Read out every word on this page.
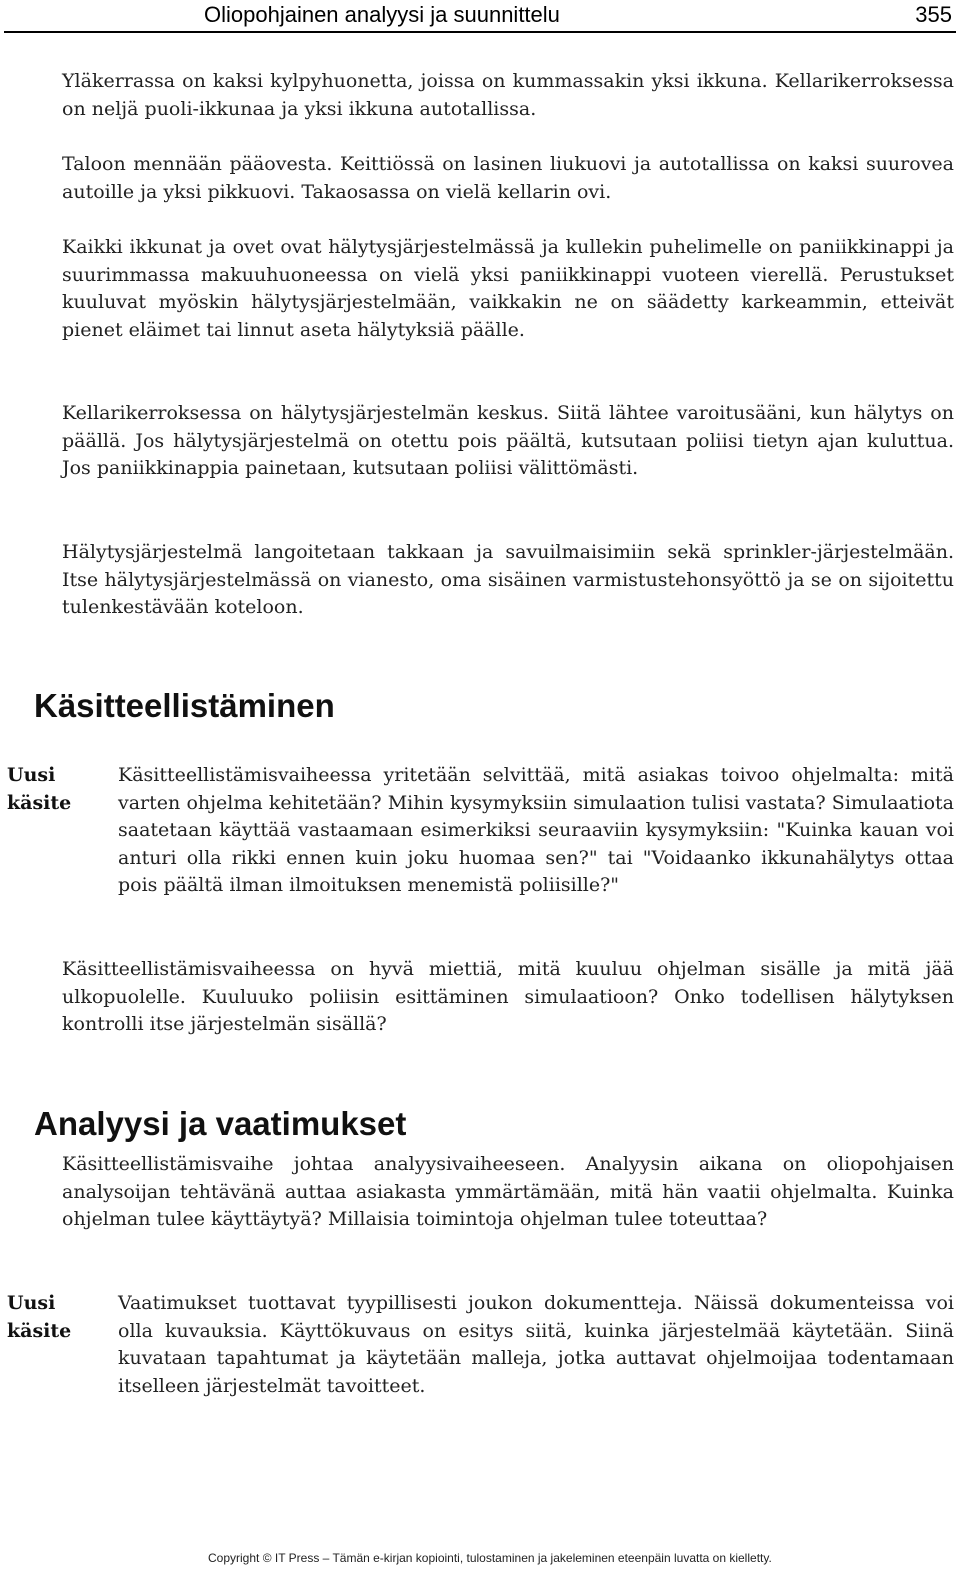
Oliopohjainen analyysi ja suunnittelu	355

Yläkerrassa on kaksi kylpyhuonetta, joissa on kummassakin yksi ikkuna. Kellarikerroksessa on neljä puoli-ikkunaa ja yksi ikkuna autotallissa.

Taloon mennään pääovesta. Keittiössä on lasinen liukuovi ja autotallissa on kaksi suurovea autoille ja yksi pikkuovi. Takaosassa on vielä kellarin ovi.

Kaikki ikkunat ja ovet ovat hälytysjärjestelmässä ja kullekin puhelimelle on paniikkinappi ja suurimmassa makuuhuoneessa on vielä yksi paniikkinappi vuoteen vierellä. Perustukset kuuluvat myöskin hälytysjärjestelmään, vaikkakin ne on säädetty karkeammin, etteivät pienet eläimet tai linnut aseta hälytyksiä päälle.

Kellarikerroksessa on hälytysjärjestelmän keskus. Siitä lähtee varoitusääni, kun hälytys on päällä. Jos hälytysjärjestelmä on otettu pois päältä, kutsutaan poliisi tietyn ajan kuluttua. Jos paniikkinappia painetaan, kutsutaan poliisi välittömästi.

Hälytysjärjestelmä langoitetaan takkaan ja savuilmaisimiin sekä sprinkler-järjestelmään. Itse hälytysjärjestelmässä on vianesto, oma sisäinen varmistustehonsyöttö ja se on sijoitettu tulenkestävään koteloon.

Käsitteellistäminen
Uusi käsite

Käsitteellistämisvaiheessa yritetään selvittää, mitä asiakas toivoo ohjelmalta: mitä varten ohjelma kehitetään? Mihin kysymyksiin simulaation tulisi vastata? Simulaatiota saatetaan käyttää vastaamaan esimerkiksi seuraaviin kysymyksiin: "Kuinka kauan voi anturi olla rikki ennen kuin joku huomaa sen?" tai "Voidaanko ikkunahälytys ottaa pois päältä ilman ilmoituksen menemistä poliisille?"

Käsitteellistämisvaiheessa on hyvä miettiä, mitä kuuluu ohjelman sisälle ja mitä jää ulkopuolelle. Kuuluuko poliisin esittäminen simulaatioon? Onko todellisen hälytyksen kontrolli itse järjestelmän sisällä?

Analyysi ja vaatimukset

Käsitteellistämisvaihe johtaa analyysivaiheeseen. Analyysin aikana on oliopohjaisen analysoijan tehtävänä auttaa asiakasta ymmärtämään, mitä hän vaatii ohjelmalta. Kuinka ohjelman tulee käyttäytyä? Millaisia toimintoja ohjelman tulee toteuttaa?

Uusi käsite

Vaatimukset tuottavat tyypillisesti joukon dokumentteja. Näissä dokumenteissa voi olla kuvauksia. Käyttökuvaus on esitys siitä, kuinka järjestelmää käytetään. Siinä kuvataan tapahtumat ja käytetään malleja, jotka auttavat ohjelmoijaa todentamaan itselleen järjestelmät tavoitteet.

Copyright © IT Press – Tämän e-kirjan kopiointi, tulostaminen ja jakeleminen eteenpäin luvatta on kielletty.
